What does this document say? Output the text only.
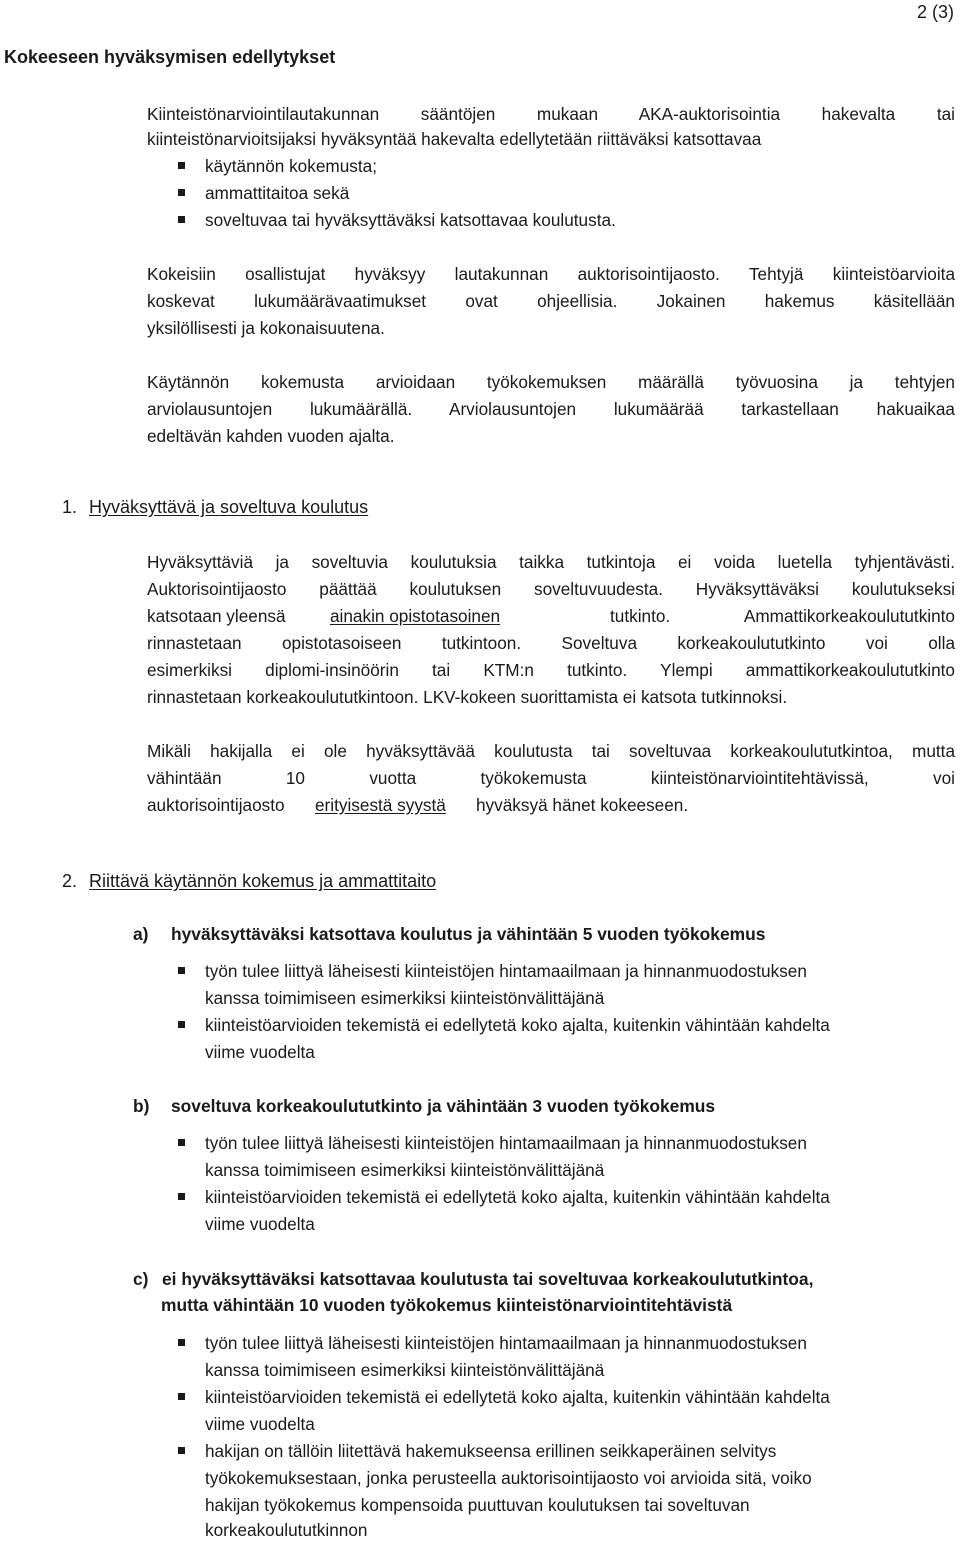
2 (3)
Kokeeseen hyväksymisen edellytykset
Kiinteistönarviointilautakunnan sääntöjen mukaan AKA-auktorisointia hakevalta tai
kiinteistönarvioitsijaksi hyväksyntää hakevalta edellytetään riittäväksi katsottavaa
käytännön kokemusta;
ammattitaitoa sekä
soveltuvaa tai hyväksyttäväksi katsottavaa koulutusta.
Kokeisiin osallistujat hyväksyy lautakunnan auktorisointijaosto. Tehtyjä kiinteistöarvioita
koskevat lukumäärävaatimukset ovat ohjeellisia. Jokainen hakemus käsitellään
yksilöllisesti ja kokonaisuutena.
Käytännön kokemusta arvioidaan työkokemuksen määrällä työvuosina ja tehtyjen
arviolausuntojen lukumäärällä. Arviolausuntojen lukumäärää tarkastellaan hakuaikaa
edeltävän kahden vuoden ajalta.
1. Hyväksyttävä ja soveltuva koulutus
Hyväksyttäviä ja soveltuvia koulutuksia taikka tutkintoja ei voida luetella tyhjentävästi.
Auktorisointijaosto päättää koulutuksen soveltuvuudesta. Hyväksyttäväksi koulutukseksi
katsotaan yleensä	ainakin opistotasoinen	tutkinto. Ammattikorkeakoulututkinto
rinnastetaan opistotasoiseen tutkintoon. Soveltuva korkeakoulututkinto voi olla
esimerkiksi diplomi-insinöörin tai KTM:n tutkinto. Ylempi ammattikorkeakoulututkinto
rinnastetaan korkeakoulututkintoon. LKV-kokeen suorittamista ei katsota tutkinnoksi.
Mikäli hakijalla ei ole hyväksyttävää koulutusta tai soveltuvaa korkeakoulututkintoa, mutta
vähintään 10 vuotta työkokemusta kiinteistönarviointitehtävissä, voi
auktorisointijaosto erityisestä syystä hyväksyä hänet kokeeseen.
2. Riittävä käytännön kokemus ja ammattitaito
a) hyväksyttäväksi katsottava koulutus ja vähintään 5 vuoden työkokemus
työn tulee liittyä läheisesti kiinteistöjen hintamaailmaan ja hinnanmuodostuksen
kanssa toimimiseen esimerkiksi kiinteistönvälittäjänä
kiinteistöarvioiden tekemistä ei edellytetä koko ajalta, kuitenkin vähintään kahdelta
viime vuodelta
b) soveltuva korkeakoulututkinto ja vähintään 3 vuoden työkokemus
työn tulee liittyä läheisesti kiinteistöjen hintamaailmaan ja hinnanmuodostuksen
kanssa toimimiseen esimerkiksi kiinteistönvälittäjänä
kiinteistöarvioiden tekemistä ei edellytetä koko ajalta, kuitenkin vähintään kahdelta
viime vuodelta
c) ei hyväksyttäväksi katsottavaa koulutusta tai soveltuvaa korkeakoulututkintoa,
mutta vähintään 10 vuoden työkokemus kiinteistönarviointitehtävistä
työn tulee liittyä läheisesti kiinteistöjen hintamaailmaan ja hinnanmuodostuksen
kanssa toimimiseen esimerkiksi kiinteistönvälittäjänä
kiinteistöarvioiden tekemistä ei edellytetä koko ajalta, kuitenkin vähintään kahdelta
viime vuodelta
hakijan on tällöin liitettävä hakemukseensa erillinen seikkaperäinen selvitys
työkokemuksestaan, jonka perusteella auktorisointijaosto voi arvioida sitä, voiko
hakijan työkokemus kompensoida puuttuvan koulutuksen tai soveltuvan
korkeakoulututkinnon
